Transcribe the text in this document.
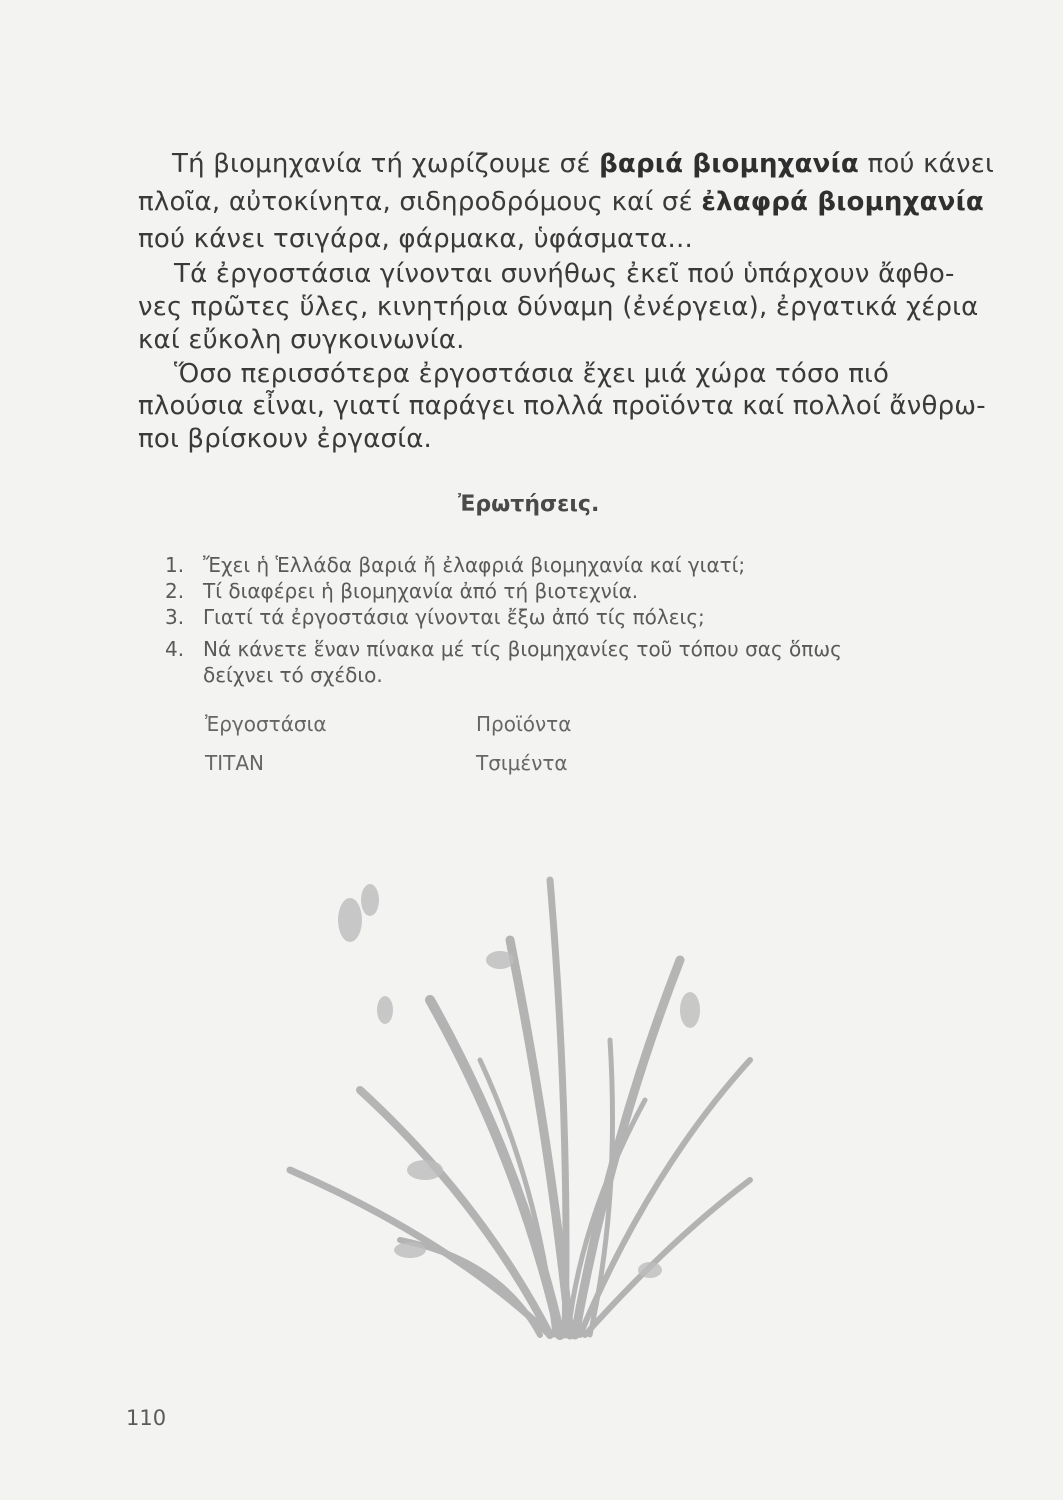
Τή βιομηχανία τή χωρίζουμε σέ βαριά βιομηχανία πού κάνει
πλοῖα, αὐτοκίνητα, σιδηροδρόμους καί σέ ἐλαφρά βιομηχανία
πού κάνει τσιγάρα, φάρμακα, ὑφάσματα...
Τά ἐργοστάσια γίνονται συνήθως ἐκεῖ πού ὑπάρχουν ἄφθο-
νες πρῶτες ὕλες, κινητήρια δύναμη (ἐνέργεια), ἐργατικά χέρια
καί εὔκολη συγκοινωνία.
Ὅσο περισσότερα ἐργοστάσια ἔχει μιά χώρα τόσο πιό
πλούσια εἶναι, γιατί παράγει πολλά προϊόντα καί πολλοί ἄνθρω-
ποι βρίσκουν ἐργασία.
Ἐρωτήσεις.
1. Ἔχει ἡ Ἑλλάδα βαριά ἤ ἐλαφριά βιομηχανία καί γιατί;
2. Τί διαφέρει ἡ βιομηχανία ἀπό τή βιοτεχνία.
3. Γιατί τά ἐργοστάσια γίνονται ἔξω ἀπό τίς πόλεις;
4. Νά κάνετε ἕναν πίνακα μέ τίς βιομηχανίες τοῦ τόπου σας ὅπως
δείχνει τό σχέδιο.
Ἐργοστάσια	Προϊόντα
ΤΙΤΑΝ	Τσιμέντα
110
